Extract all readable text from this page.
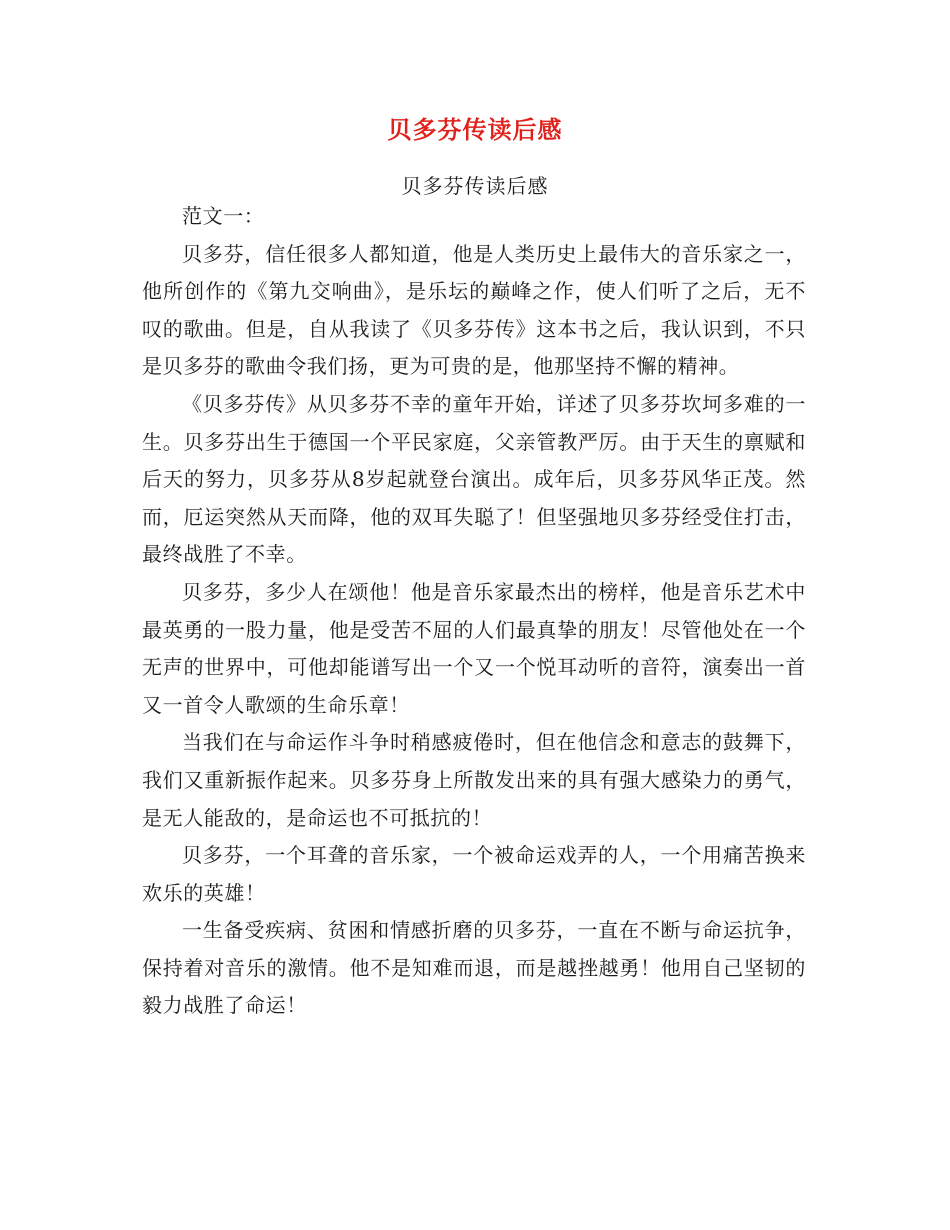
贝多芬传读后感
贝多芬传读后感

范文一：

贝多芬，信任很多人都知道，他是人类历史上最伟大的音乐家之一，他所创作的《第九交响曲》，是乐坛的巅峰之作，使人们听了之后，无不叹的歌曲。但是，自从我读了《贝多芬传》这本书之后，我认识到，不只是贝多芬的歌曲令我们扬，更为可贵的是，他那坚持不懈的精神。

《贝多芬传》从贝多芬不幸的童年开始，详述了贝多芬坎坷多难的一生。贝多芬出生于德国一个平民家庭，父亲管教严厉。由于天生的禀赋和后天的努力，贝多芬从8岁起就登台演出。成年后，贝多芬风华正茂。然而，厄运突然从天而降，他的双耳失聪了！但坚强地贝多芬经受住打击，最终战胜了不幸。

贝多芬，多少人在颂他！他是音乐家最杰出的榜样，他是音乐艺术中最英勇的一股力量，他是受苦不屈的人们最真挚的朋友！尽管他处在一个无声的世界中，可他却能谱写出一个又一个悦耳动听的音符，演奏出一首又一首令人歌颂的生命乐章！

当我们在与命运作斗争时稍感疲倦时，但在他信念和意志的鼓舞下，我们又重新振作起来。贝多芬身上所散发出来的具有强大感染力的勇气，是无人能敌的，是命运也不可抵抗的！

贝多芬，一个耳聋的音乐家，一个被命运戏弄的人，一个用痛苦换来欢乐的英雄！

一生备受疾病、贫困和情感折磨的贝多芬，一直在不断与命运抗争，保持着对音乐的激情。他不是知难而退，而是越挫越勇！他用自己坚韧的毅力战胜了命运！
